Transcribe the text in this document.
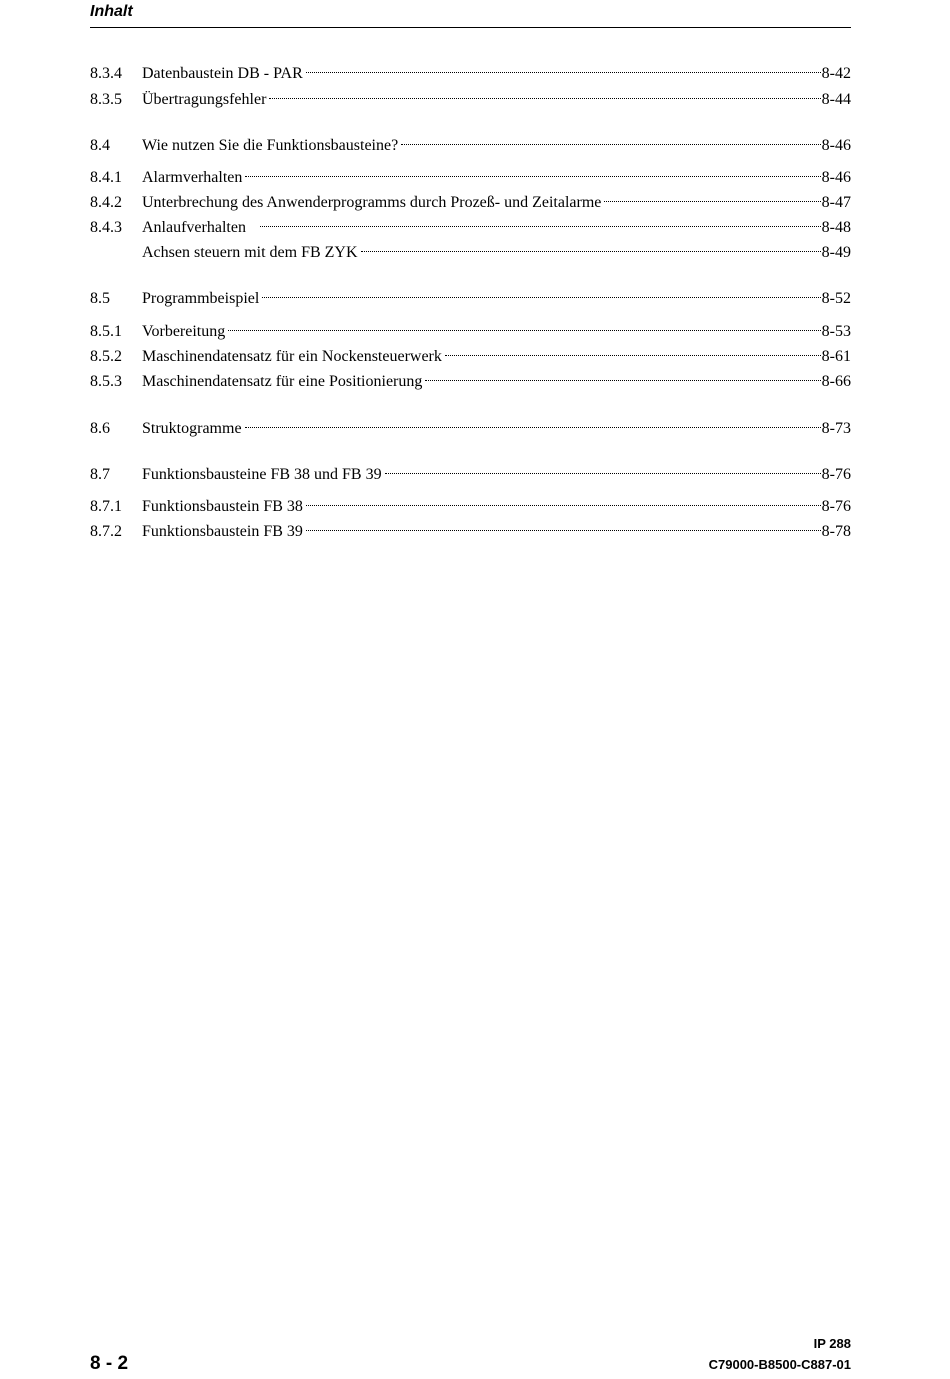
Inhalt
8.3.4 Datenbaustein DB - PAR	8-42
8.3.5 Übertragungsfehler	8-44
8.4 Wie nutzen Sie die Funktionsbausteine?	8-46
8.4.1 Alarmverhalten	8-46
8.4.2 Unterbrechung des Anwenderprogramms durch Prozeß- und Zeitalarme	8-47
8.4.3 Anlaufverhalten	8-48
Achsen steuern mit dem FB ZYK	8-49
8.5 Programmbeispiel	8-52
8.5.1 Vorbereitung	8-53
8.5.2 Maschinendatensatz für ein Nockensteuerwerk	8-61
8.5.3 Maschinendatensatz für eine Positionierung	8-66
8.6 Struktogramme	8-73
8.7 Funktionsbausteine FB 38 und FB 39	8-76
8.7.1 Funktionsbaustein FB 38	8-76
8.7.2 Funktionsbaustein FB 39	8-78
IP 288
C79000-B8500-C887-01
8 - 2
